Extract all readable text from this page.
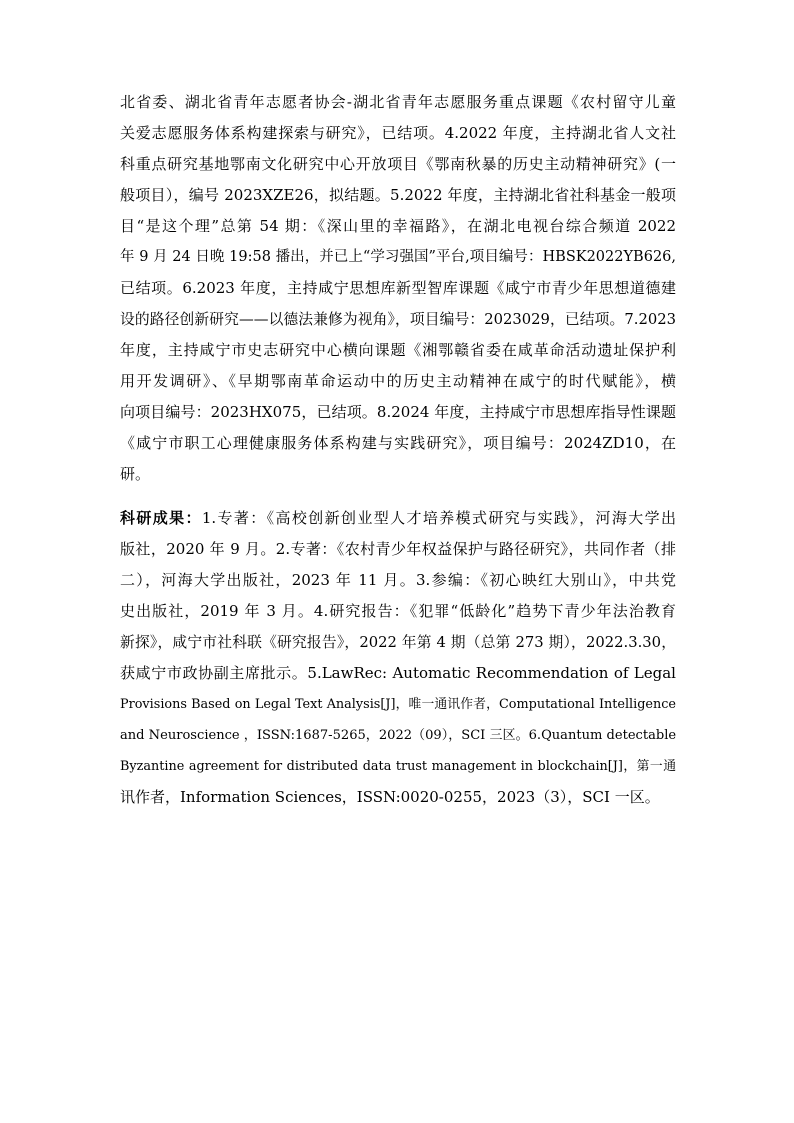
北省委、湖北省青年志愿者协会-湖北省青年志愿服务重点课题《农村留守儿童
关爱志愿服务体系构建探索与研究》，已结项。4.2022 年度，主持湖北省人文社
科重点研究基地鄂南文化研究中心开放项目《鄂南秋暴的历史主动精神研究》(一
般项目），编号 2023XZE26，拟结题。5.2022 年度，主持湖北省社科基金一般项
目“是这个理”总第 54 期：《深山里的幸福路》，在湖北电视台综合频道 2022
年 9 月 24 日晚 19:58 播出，并已上“学习强国”平台,项目编号：HBSK2022YB626,
已结项。6.2023 年度，主持咸宁思想库新型智库课题《咸宁市青少年思想道德建
设的路径创新研究——以德法兼修为视角》，项目编号：2023029，已结项。7.2023
年度，主持咸宁市史志研究中心横向课题《湘鄂赣省委在咸革命活动遗址保护利
用开发调研》、《早期鄂南革命运动中的历史主动精神在咸宁的时代赋能》，横
向项目编号：2023HX075，已结项。8.2024 年度，主持咸宁市思想库指导性课题
《咸宁市职工心理健康服务体系构建与实践研究》，项目编号：2024ZD10，在
研。
科研成果：1.专著：《高校创新创业型人才培养模式研究与实践》，河海大学出
版社，2020 年 9 月。2.专著：《农村青少年权益保护与路径研究》，共同作者（排
二），河海大学出版社，2023 年 11 月。3.参编：《初心映红大别山》，中共党
史出版社，2019 年 3 月。4.研究报告：《犯罪“低龄化”趋势下青少年法治教育
新探》，咸宁市社科联《研究报告》，2022 年第 4 期（总第 273 期），2022.3.30，
获咸宁市政协副主席批示。5.LawRec: Automatic Recommendation of Legal
Provisions Based on Legal Text Analysis[J]，唯一通讯作者，Computational Intelligence
and Neuroscience ，ISSN:1687-5265，2022（09），SCI 三区。6.Quantum detectable
Byzantine agreement for distributed data trust management in blockchain[J]，第一通
讯作者，Information Sciences，ISSN:0020-0255，2023（3），SCI 一区。
